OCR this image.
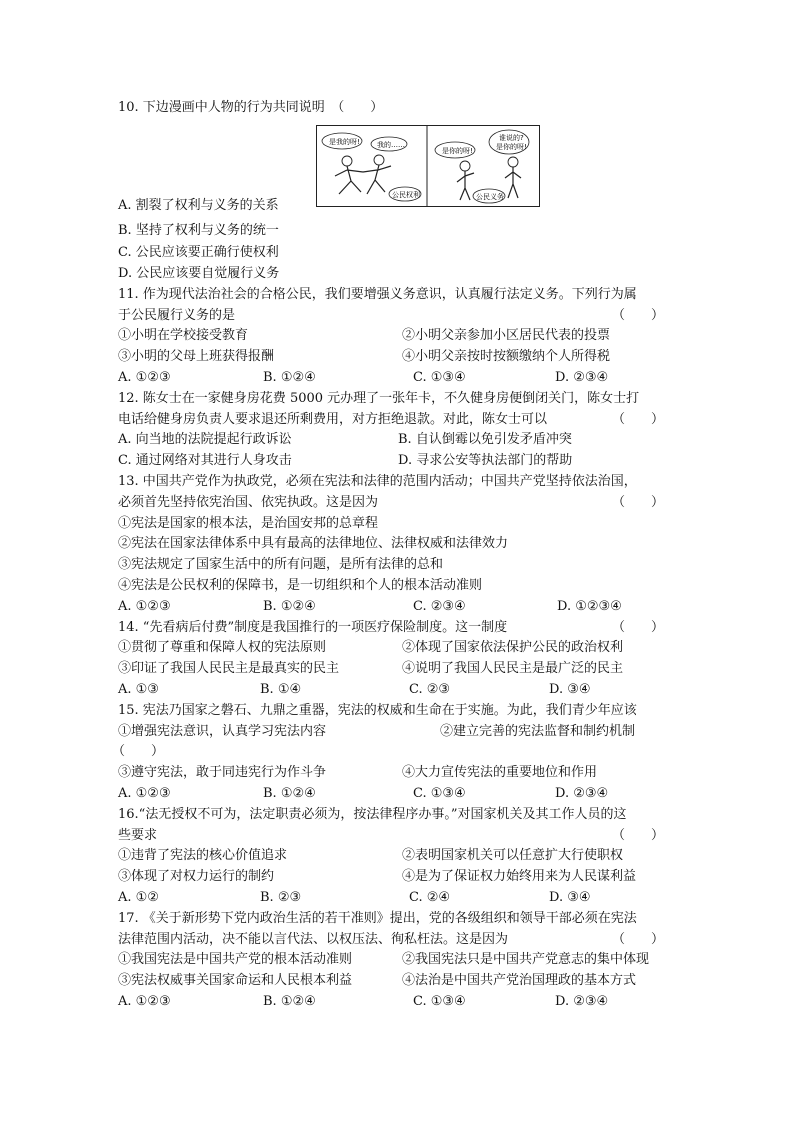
10. 下边漫画中人物的行为共同说明　（　　）
是我的呀! 我的……
公民权利
是你的呀!
谁说的?
是你的呀!
公民义务
A. 割裂了权利与义务的关系
B. 坚持了权利与义务的统一
C. 公民应该要正确行使权利
D. 公民应该要自觉履行义务
11. 作为现代法治社会的合格公民，我们要增强义务意识，认真履行法定义务。下列行为属
于公民履行义务的是	（　　）
①小明在学校接受教育	②小明父亲参加小区居民代表的投票
③小明的父母上班获得报酬	④小明父亲按时按额缴纳个人所得税
A. ①②③	B. ①②④	C. ①③④	D. ②③④
12. 陈女士在一家健身房花费 5000 元办理了一张年卡，不久健身房便倒闭关门，陈女士打
电话给健身房负责人要求退还所剩费用，对方拒绝退款。对此，陈女士可以	（　　）
A. 向当地的法院提起行政诉讼	B. 自认倒霉以免引发矛盾冲突
C. 通过网络对其进行人身攻击	D. 寻求公安等执法部门的帮助
13. 中国共产党作为执政党，必须在宪法和法律的范围内活动；中国共产党坚持依法治国，
必须首先坚持依宪治国、依宪执政。这是因为	（　　）
①宪法是国家的根本法，是治国安邦的总章程
②宪法在国家法律体系中具有最高的法律地位、法律权威和法律效力
③宪法规定了国家生活中的所有问题，是所有法律的总和
④宪法是公民权利的保障书，是一切组织和个人的根本活动准则
A. ①②③	B. ①②④	C. ②③④	D. ①②③④
14. “先看病后付费”制度是我国推行的一项医疗保险制度。这一制度	（　　）
①贯彻了尊重和保障人权的宪法原则	②体现了国家依法保护公民的政治权利
③印证了我国人民民主是最真实的民主	④说明了我国人民民主是最广泛的民主
A. ①③	B. ①④	C. ②③	D. ③④
15. 宪法乃国家之磐石、九鼎之重器，宪法的权威和生命在于实施。为此，我们青少年应该
①增强宪法意识，认真学习宪法内容	②建立完善的宪法监督和制约机制
（　　）
③遵守宪法，敢于同违宪行为作斗争	④大力宣传宪法的重要地位和作用
A. ①②③	B. ①②④	C. ①③④	D. ②③④
16.“法无授权不可为，法定职责必须为，按法律程序办事。”对国家机关及其工作人员的这
些要求	（　　）
①违背了宪法的核心价值追求	②表明国家机关可以任意扩大行使职权
③体现了对权力运行的制约	④是为了保证权力始终用来为人民谋利益
A. ①②	B. ②③	C. ②④	D. ③④
17. 《关于新形势下党内政治生活的若干准则》提出，党的各级组织和领导干部必须在宪法
法律范围内活动，决不能以言代法、以权压法、徇私枉法。这是因为	（　　）
①我国宪法是中国共产党的根本活动准则	②我国宪法只是中国共产党意志的集中体现
③宪法权威事关国家命运和人民根本利益	④法治是中国共产党治国理政的基本方式
A. ①②③	B. ①②④	C. ①③④	D. ②③④
